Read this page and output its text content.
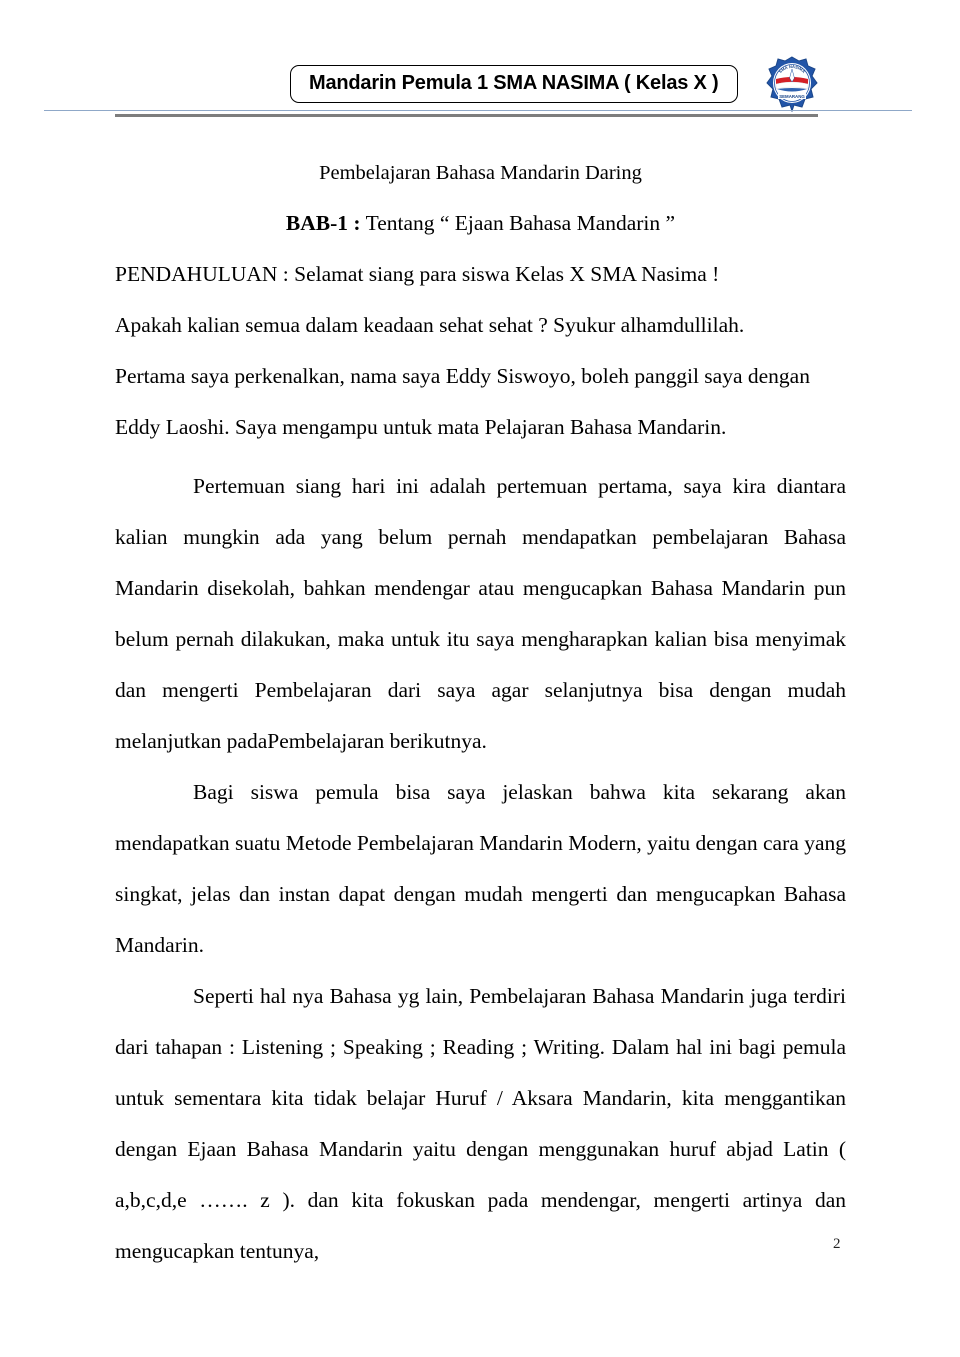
Mandarin Pemula 1 SMA NASIMA ( Kelas X )
SMA NASIMA
SEMARANG

Pembelajaran Bahasa Mandarin Daring

BAB-1 : Tentang “ Ejaan Bahasa Mandarin ”

PENDAHULUAN : Selamat siang para siswa Kelas X SMA Nasima !

Apakah kalian semua dalam keadaan sehat sehat ? Syukur alhamdullilah.

Pertama saya perkenalkan, nama saya Eddy Siswoyo, boleh panggil saya dengan

Eddy Laoshi. Saya mengampu untuk mata Pelajaran Bahasa Mandarin.

Pertemuan siang hari ini adalah pertemuan pertama, saya kira diantara kalian mungkin ada yang belum pernah mendapatkan pembelajaran Bahasa Mandarin disekolah, bahkan mendengar atau mengucapkan Bahasa Mandarin pun belum pernah dilakukan, maka untuk itu saya mengharapkan kalian bisa menyimak dan mengerti Pembelajaran dari saya agar selanjutnya bisa dengan mudah melanjutkan padaPembelajaran berikutnya.

Bagi siswa pemula bisa saya jelaskan bahwa kita sekarang akan mendapatkan suatu Metode Pembelajaran Mandarin Modern, yaitu dengan cara yang singkat, jelas dan instan dapat dengan mudah mengerti dan mengucapkan Bahasa Mandarin.

Seperti hal nya Bahasa yg lain, Pembelajaran Bahasa Mandarin juga terdiri dari tahapan : Listening ; Speaking ; Reading ; Writing. Dalam hal ini bagi pemula untuk sementara kita tidak belajar Huruf / Aksara Mandarin, kita menggantikan dengan Ejaan Bahasa Mandarin yaitu dengan menggunakan huruf abjad Latin ( a,b,c,d,e ……. z ). dan kita fokuskan pada mendengar, mengerti artinya dan mengucapkan tentunya,	2
